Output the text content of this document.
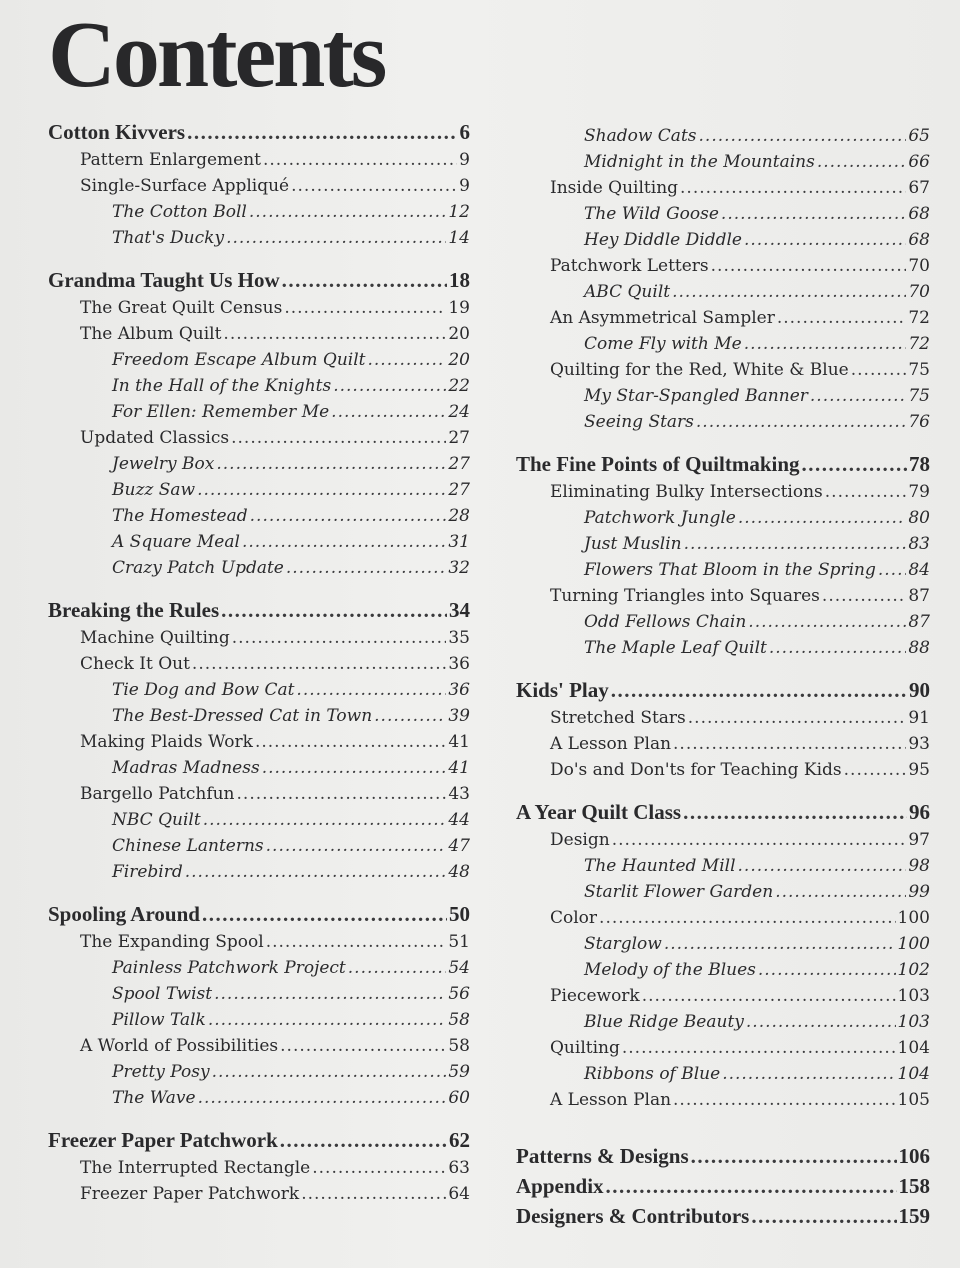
Contents
Cotton Kivvers .....	6
Pattern Enlargement .....	9
Single-Surface Appliqué .....	9
The Cotton Boll .....	12
That's Ducky .....	14
Grandma Taught Us How .....	18
The Great Quilt Census .....	19
The Album Quilt .....	20
Freedom Escape Album Quilt .....	20
In the Hall of the Knights .....	22
For Ellen: Remember Me .....	24
Updated Classics .....	27
Jewelry Box .....	27
Buzz Saw .....	27
The Homestead .....	28
A Square Meal .....	31
Crazy Patch Update .....	32
Breaking the Rules .....	34
Machine Quilting .....	35
Check It Out .....	36
Tie Dog and Bow Cat .....	36
The Best-Dressed Cat in Town .....	39
Making Plaids Work .....	41
Madras Madness .....	41
Bargello Patchfun .....	43
NBC Quilt .....	44
Chinese Lanterns .....	47
Firebird .....	48
Spooling Around .....	50
The Expanding Spool .....	51
Painless Patchwork Project .....	54
Spool Twist .....	56
Pillow Talk .....	58
A World of Possibilities .....	58
Pretty Posy .....	59
The Wave .....	60
Freezer Paper Patchwork .....	62
The Interrupted Rectangle .....	63
Freezer Paper Patchwork .....	64
Shadow Cats .....	65
Midnight in the Mountains .....	66
Inside Quilting .....	67
The Wild Goose .....	68
Hey Diddle Diddle .....	68
Patchwork Letters .....	70
ABC Quilt .....	70
An Asymmetrical Sampler .....	72
Come Fly with Me .....	72
Quilting for the Red, White & Blue .....	75
My Star-Spangled Banner .....	75
Seeing Stars .....	76
The Fine Points of Quiltmaking .....	78
Eliminating Bulky Intersections .....	79
Patchwork Jungle .....	80
Just Muslin .....	83
Flowers That Bloom in the Spring ..... 84
Turning Triangles into Squares .....	87
Odd Fellows Chain .....	87
The Maple Leaf Quilt .....	88
Kids' Play .....	90
Stretched Stars .....	91
A Lesson Plan .....	93
Do's and Don'ts for Teaching Kids .....	95
A Year Quilt Class .....	96
Design .....	97
The Haunted Mill .....	98
Starlit Flower Garden .....	99
Color .....	100
Starglow .....	100
Melody of the Blues .....	102
Piecework .....	103
Blue Ridge Beauty .....	103
Quilting .....	104
Ribbons of Blue .....	104
A Lesson Plan .....	105
Patterns & Designs .....	106
Appendix .....	158
Designers & Contributors .....	159
